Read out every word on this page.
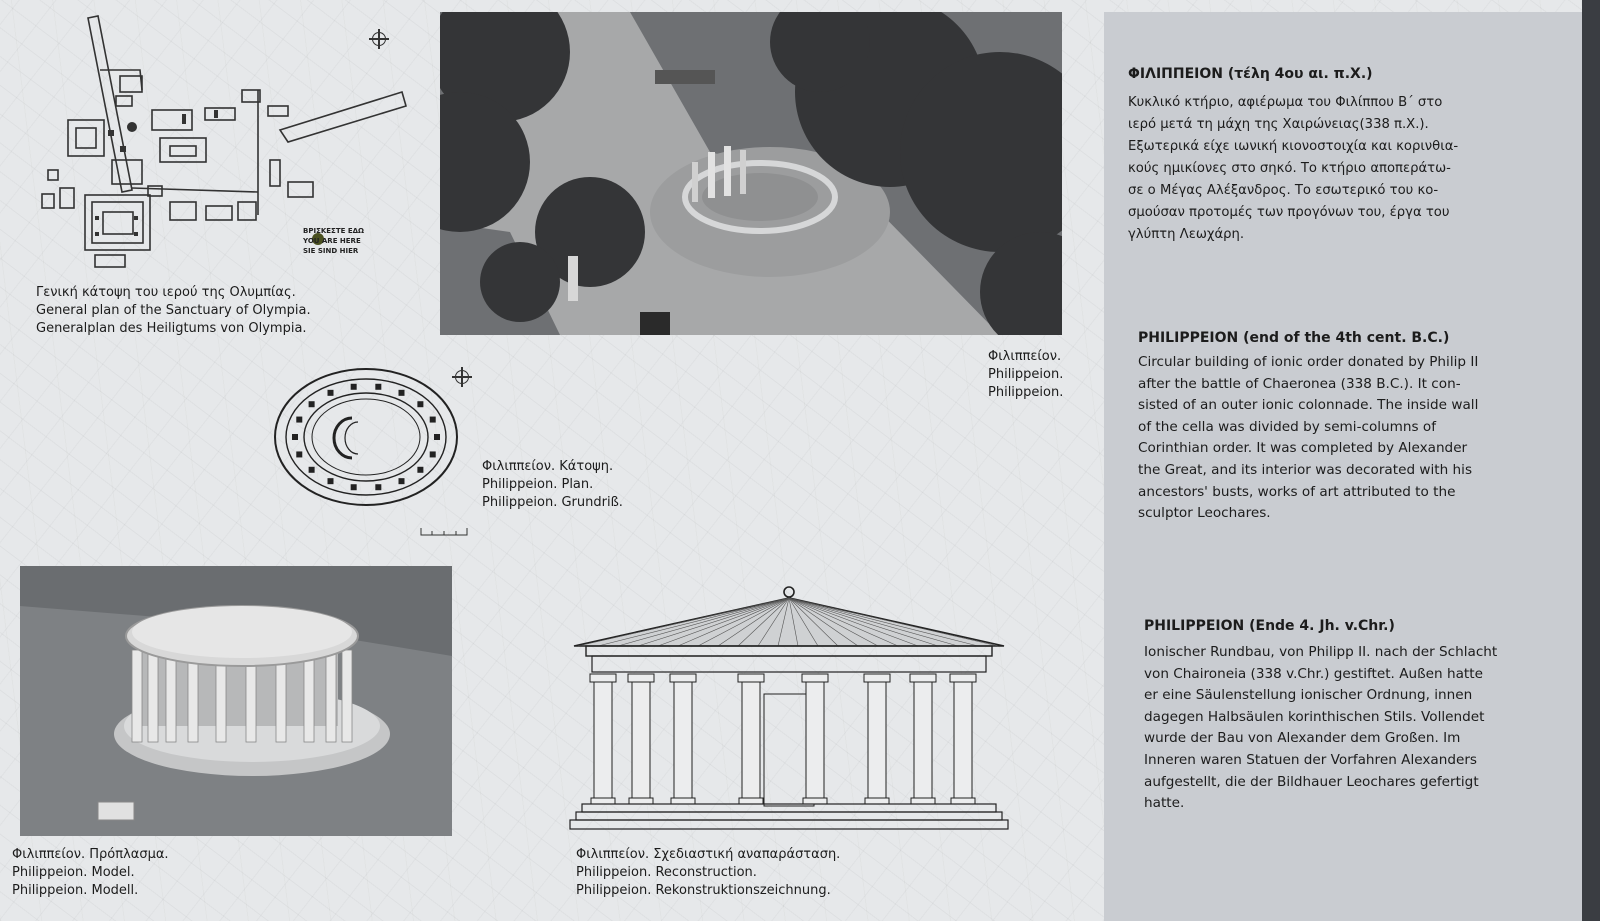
ΒΡΙΣΚΕΣΤΕ ΕΔΩ
YOU ARE HERE
SIE SIND HIER
Γενική κάτοψη του ιερού της Ολυμπίας.
General plan of the Sanctuary of Olympia.
Generalplan des Heiligtums von Olympia.
Φιλιππείον.
Philippeion.
Philippeion.
Φιλιππείον. Κάτοψη.
Philippeion. Plan.
Philippeion. Grundriß.
Φιλιππείον. Πρόπλασμα.
Philippeion. Model.
Philippeion. Modell.
Φιλιππείον. Σχεδιαστική αναπαράσταση.
Philippeion. Reconstruction.
Philippeion. Rekonstruktionszeichnung.
ΦΙΛΙΠΠΕΙΟΝ (τέλη 4ου αι. π.Χ.)
Κυκλικό κτήριο, αφιέρωμα του Φιλίππου Β΄ στο
ιερό μετά τη μάχη της Χαιρώνειας(338 π.Χ.).
Εξωτερικά είχε ιωνική κιονοστοιχία και κορινθια-
κούς ημικίονες στο σηκό. Το κτήριο αποπεράτω-
σε ο Μέγας Αλέξανδρος. Το εσωτερικό του κο-
σμούσαν προτομές των προγόνων του, έργα του
γλύπτη Λεωχάρη.
PHILIPPEION (end of the 4th cent. B.C.)
Circular building of ionic order donated by Philip II
after the battle of Chaeronea (338 B.C.). It con-
sisted of an outer ionic colonnade. The inside wall
of the cella was divided by semi-columns of
Corinthian order. It was completed by Alexander
the Great, and its interior was decorated with his
ancestors' busts, works of art attributed to the
sculptor Leochares.
PHILIPPEION (Ende 4. Jh. v.Chr.)
Ionischer Rundbau, von Philipp II. nach der Schlacht
von Chaironeia (338 v.Chr.) gestiftet. Außen hatte
er eine Säulenstellung ionischer Ordnung, innen
dagegen Halbsäulen korinthischen Stils. Vollendet
wurde der Bau von Alexander dem Großen. Im
Inneren waren Statuen der Vorfahren Alexanders
aufgestellt, die der Bildhauer Leochares gefertigt
hatte.
